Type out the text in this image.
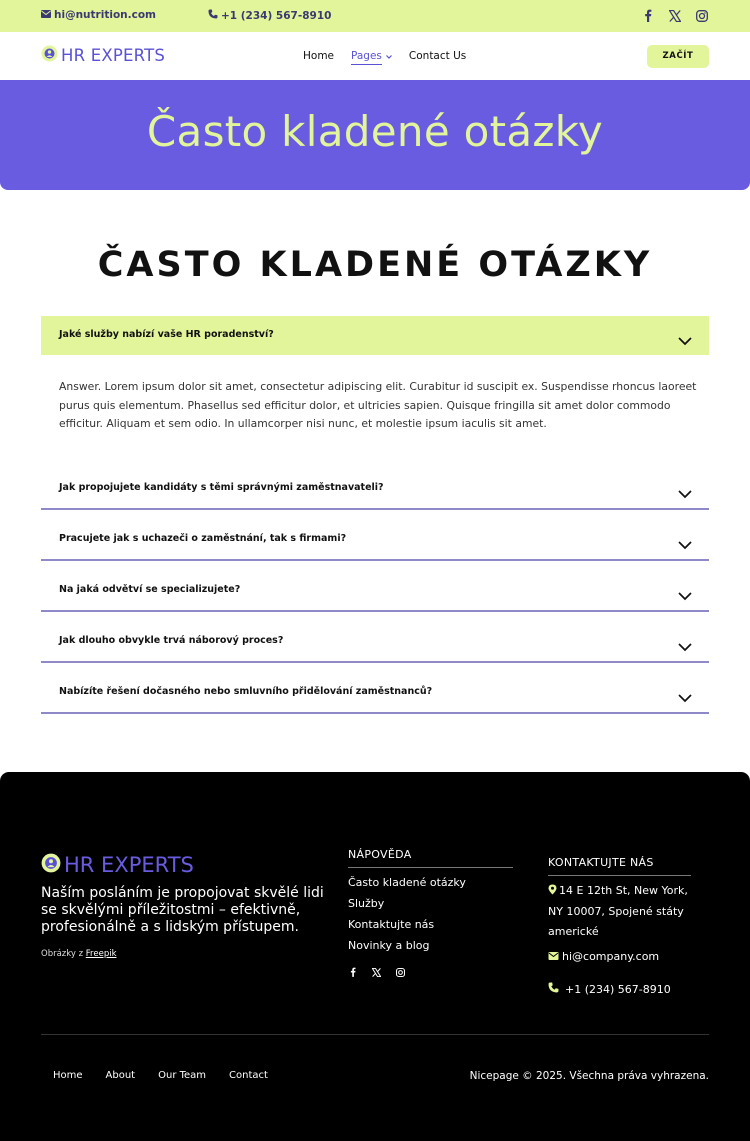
hi@nutrition.com	+1 (234) 567-8910
HR EXPERTS	Home Pages	Contact Us	ZAČÍT
Často kladené otázky
ČASTO KLADENÉ OTÁZKY
Jaké služby nabízí vaše HR poradenství?
Answer. Lorem ipsum dolor sit amet, consectetur adipiscing elit. Curabitur id suscipit ex. Suspendisse rhoncus laoreet purus quis elementum. Phasellus sed efficitur dolor, et ultricies sapien. Quisque fringilla sit amet dolor commodo efficitur. Aliquam et sem odio. In ullamcorper nisi nunc, et molestie ipsum iaculis sit amet.
Jak propojujete kandidáty s těmi správnými zaměstnavateli?
Pracujete jak s uchazeči o zaměstnání, tak s firmami?
Na jaká odvětví se specializujete?
Jak dlouho obvykle trvá náborový proces?
Nabízíte řešení dočasného nebo smluvního přidělování zaměstnanců?
HR EXPERTS
Naším posláním je propojovat skvělé lidi se skvělými příležitostmi – efektivně, profesionálně a s lidským přístupem.
Obrázky z Freepik
NÁPOVĚDA
Často kladené otázky
Služby
Kontaktujte nás
Novinky a blog
KONTAKTUJTE NÁS
14 E 12th St, New York, NY 10007, Spojené státy americké
hi@company.com
+1 (234) 567-8910
Home About Our Team Contact	Nicepage © 2025. Všechna práva vyhrazena.
